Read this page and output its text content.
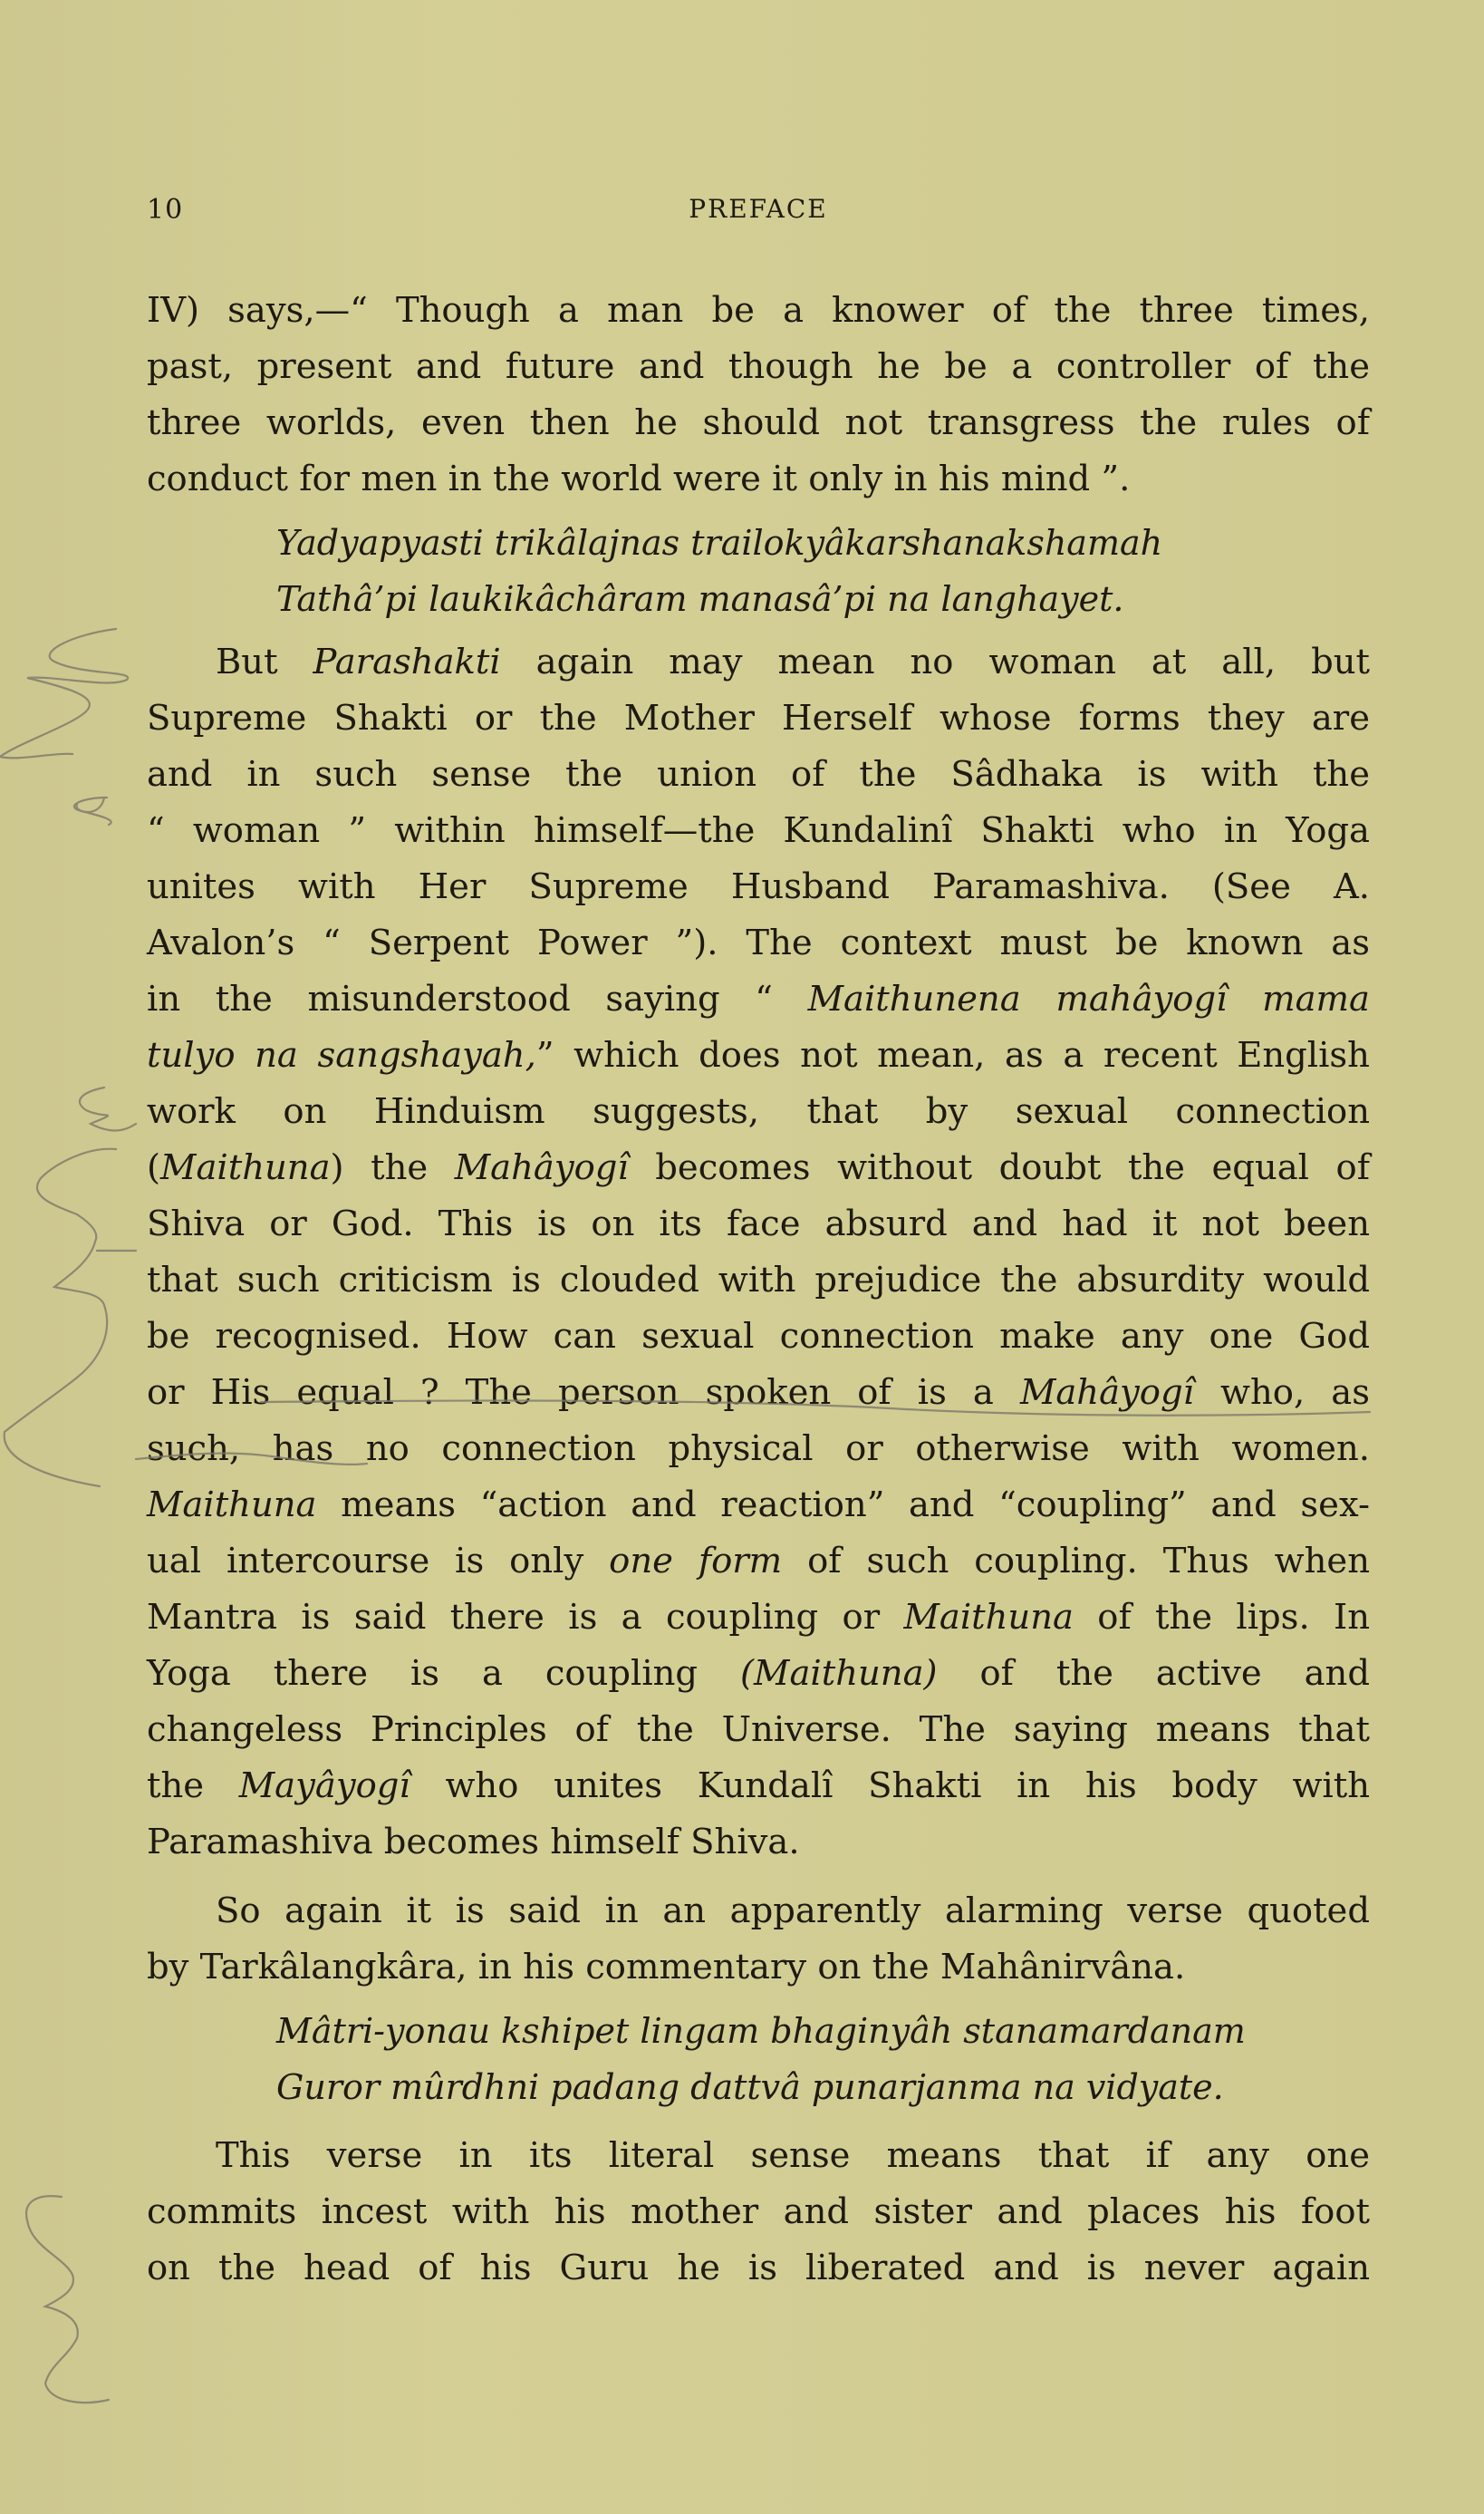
10	PREFACE
IV) says,—“ Though a man be a knower of the three times,
past, present and future and though he be a controller of the
three worlds, even then he should not transgress the rules of
conduct for men in the world were it only in his mind ”.
Yadyapyasti trikâlajnas trailokyâkarshanakshamah
Tathâ’pi laukikâchâram manasâ’pi na langhayet.
But Parashakti again may mean no woman at all, but
Supreme Shakti or the Mother Herself whose forms they are
and in such sense the union of the Sâdhaka is with the
“ woman ” within himself—the Kundalinî Shakti who in Yoga
unites with Her Supreme Husband Paramashiva. (See A.
Avalon’s “ Serpent Power ”). The context must be known as
in the misunderstood saying “ Maithunena mahâyogî mama
tulyo na sangshayah,” which does not mean, as a recent English
work on Hinduism suggests, that by sexual connection
(Maithuna) the Mahâyogî becomes without doubt the equal of
Shiva or God. This is on its face absurd and had it not been
that such criticism is clouded with prejudice the absurdity would
be recognised. How can sexual connection make any one God
or His equal ? The person spoken of is a Mahâyogî who, as
such, has no connection physical or otherwise with women.
Maithuna means “action and reaction” and “coupling” and sex-
ual intercourse is only one form of such coupling. Thus when
Mantra is said there is a coupling or Maithuna of the lips. In
Yoga there is a coupling (Maithuna) of the active and
changeless Principles of the Universe. The saying means that
the Mayâyogî who unites Kundalî Shakti in his body with
Paramashiva becomes himself Shiva.
So again it is said in an apparently alarming verse quoted
by Tarkâlangkâra, in his commentary on the Mahânirvâna.
Mâtri-yonau kshipet lingam bhaginyâh stanamardanam
Guror mûrdhni padang dattvâ punarjanma na vidyate.
This verse in its literal sense means that if any one
commits incest with his mother and sister and places his foot
on the head of his Guru he is liberated and is never again
